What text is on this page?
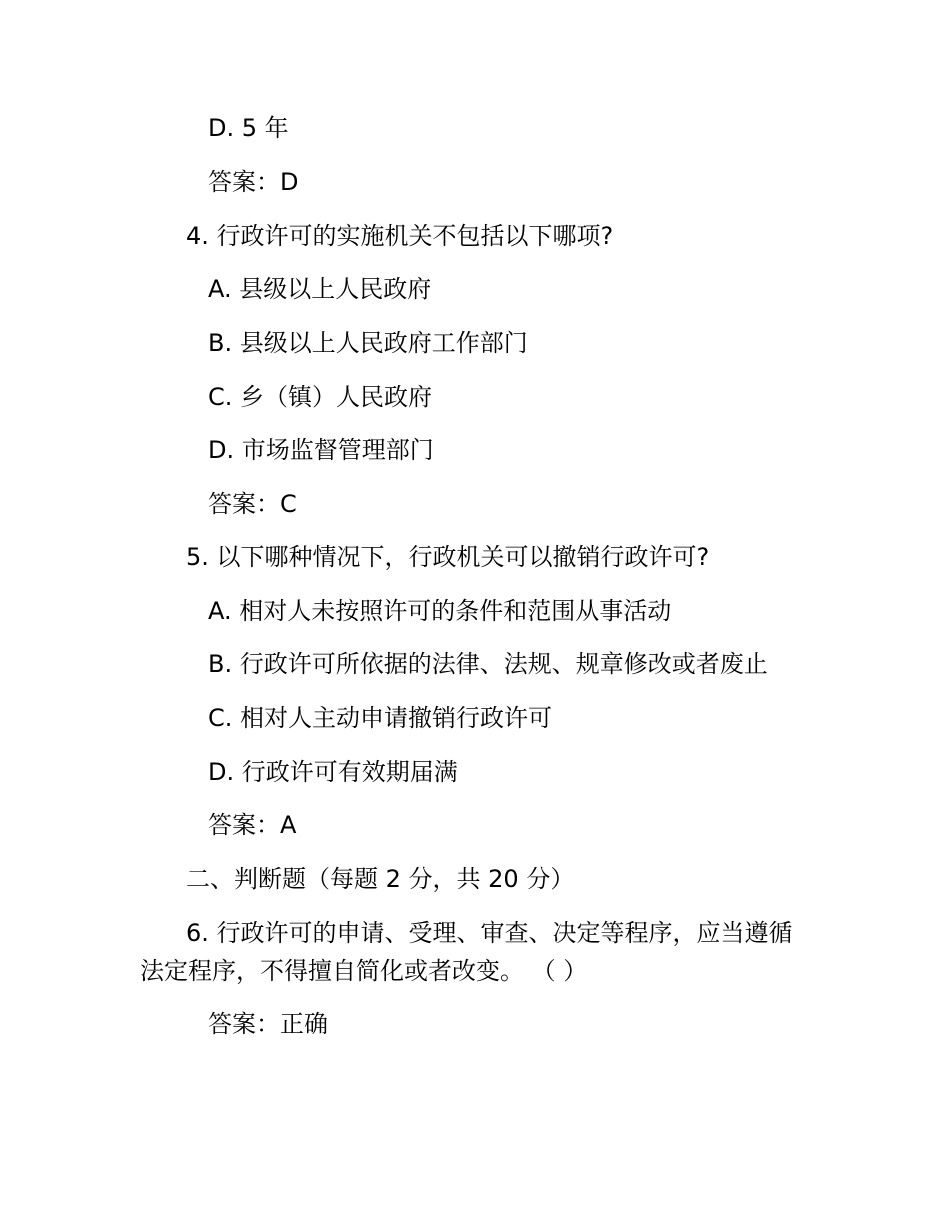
D. 5 年
答案：D
4. 行政许可的实施机关不包括以下哪项?
A. 县级以上人民政府
B. 县级以上人民政府工作部门
C. 乡（镇）人民政府
D. 市场监督管理部门
答案：C
5. 以下哪种情况下，行政机关可以撤销行政许可?
A. 相对人未按照许可的条件和范围从事活动
B. 行政许可所依据的法律、法规、规章修改或者废止
C. 相对人主动申请撤销行政许可
D. 行政许可有效期届满
答案：A
二、判断题（每题 2 分，共 20 分）
6. 行政许可的申请、受理、审查、决定等程序，应当遵循
法定程序，不得擅自简化或者改变。 （ ）
答案：正确
